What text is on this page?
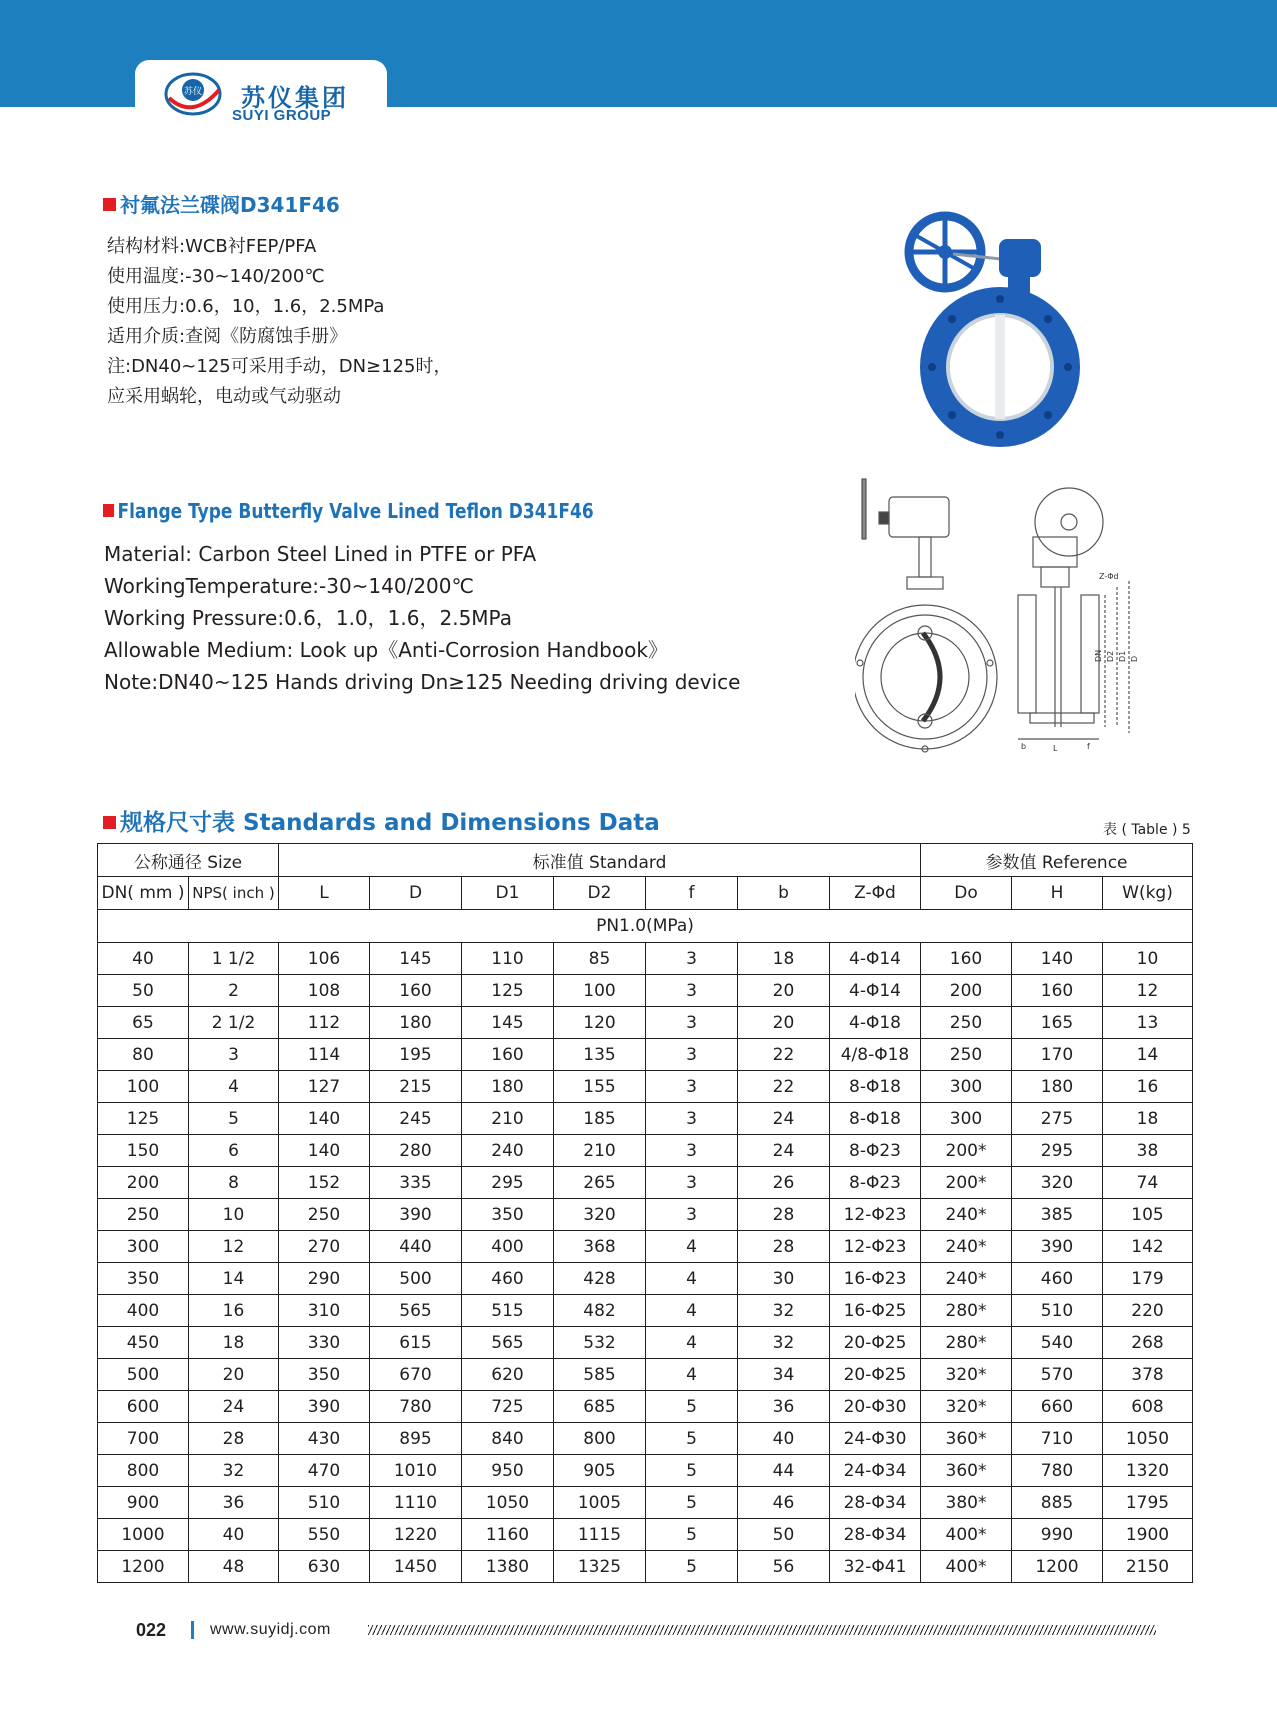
苏仪 苏仪集团
SUYI GROUP
衬氟法兰碟阀D341F46
结构材料:WCB衬FEP/PFA
使用温度:-30~140/200℃
使用压力:0.6，10，1.6，2.5MPa
适用介质:查阅《防腐蚀手册》
注:DN40~125可采用手动，DN≥125时，
应采用蜗轮，电动或气动驱动
Flange Type Butterfly Valve Lined Teflon D341F46
Material: Carbon Steel Lined in PTFE or PFA
WorkingTemperature:-30~140/200℃
Working Pressure:0.6，1.0，1.6，2.5MPa
Allowable Medium: Look up《Anti-Corrosion Handbook》
Note:DN40~125 Hands driving Dn≥125 Needing driving device
Z-Φd
DN D2 D1 D
L
b	f
规格尺寸表 Standards and Dimensions Data	表 ( Table ) 5
公称通径 Size		标准值 Standard							参数值 Reference		
DN( mm )	NPS( inch )	L	D	D1	D2	f	b	Z-Φd	Do	H	W(kg)
PN1.0(MPa)											
40	1 1/2	106	145	110	85	3	18	4-Φ14	160	140	10
50	2	108	160	125	100	3	20	4-Φ14	200	160	12
65	2 1/2	112	180	145	120	3	20	4-Φ18	250	165	13
80	3	114	195	160	135	3	22	4/8-Φ18	250	170	14
100	4	127	215	180	155	3	22	8-Φ18	300	180	16
125	5	140	245	210	185	3	24	8-Φ18	300	275	18
150	6	140	280	240	210	3	24	8-Φ23	200*	295	38
200	8	152	335	295	265	3	26	8-Φ23	200*	320	74
250	10	250	390	350	320	3	28	12-Φ23	240*	385	105
300	12	270	440	400	368	4	28	12-Φ23	240*	390	142
350	14	290	500	460	428	4	30	16-Φ23	240*	460	179
400	16	310	565	515	482	4	32	16-Φ25	280*	510	220
450	18	330	615	565	532	4	32	20-Φ25	280*	540	268
500	20	350	670	620	585	4	34	20-Φ25	320*	570	378
600	24	390	780	725	685	5	36	20-Φ30	320*	660	608
700	28	430	895	840	800	5	40	24-Φ30	360*	710	1050
800	32	470	1010	950	905	5	44	24-Φ34	360*	780	1320
900	36	510	1110	1050	1005	5	46	28-Φ34	380*	885	1795
1000	40	550	1220	1160	1115	5	50	28-Φ34	400*	990	1900
1200	48	630	1450	1380	1325	5	56	32-Φ41	400*	1200	2150
022	www.suyidj.com
